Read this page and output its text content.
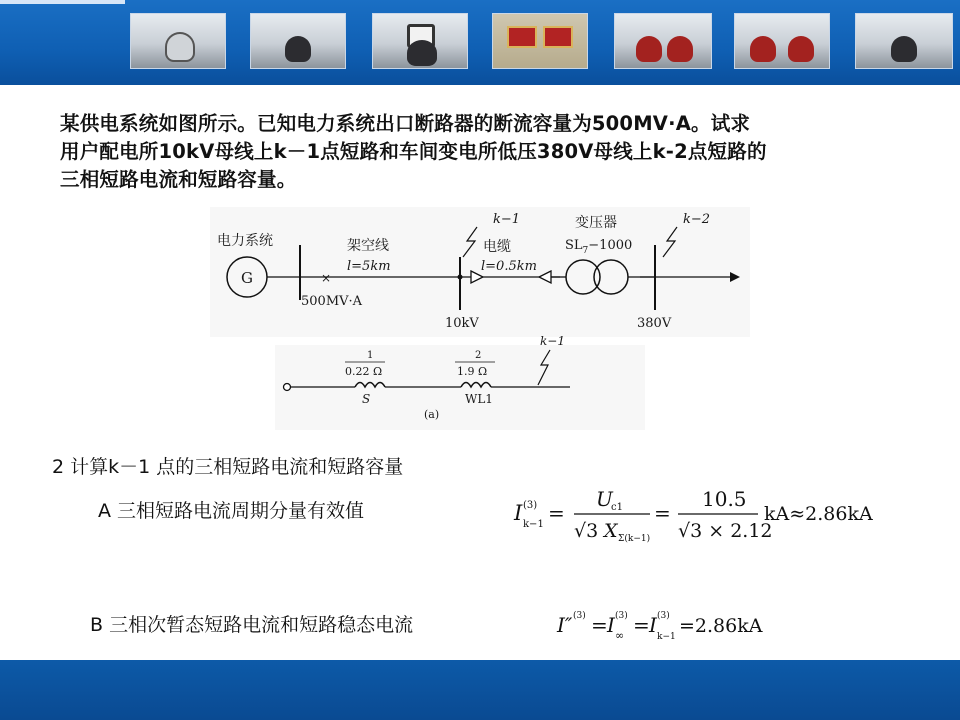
某供电系统如图所示。已知电力系统出口断路器的断流容量为500MV·A。试求
用户配电所10kV母线上k－1点短路和车间变电所低压380V母线上k-2点短路的
三相短路电流和短路容量。
电力系统
G	×
500MV·A
架空线
l=5km
10kV
k−1
电缆
l=0.5km
变压器
$SL_7-1000$
380V
k−2
1
0.22 Ω
S
2
1.9 Ω
WL1
k−1
(a)
2 计算k－1 点的三相短路电流和短路容量
A 三相短路电流周期分量有效值
B 三相次暂态短路电流和短路稳态电流
I (3)
k−1 =
U
c1
√3 X Σ(k−1)
=
10.5
√3 × 2.12
kA≈2.86kA
I″ (3) = I (3)
∞ = I (3)
k−1 =2.86kA
